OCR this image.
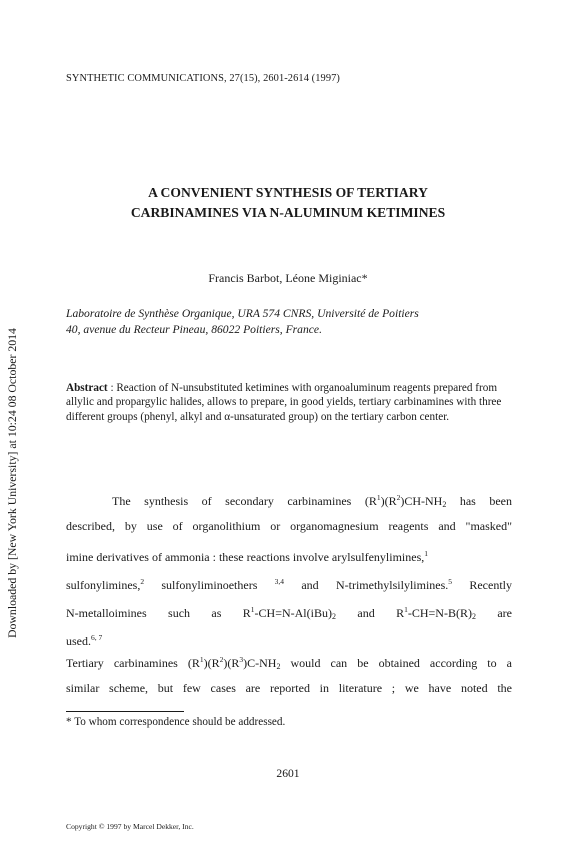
SYNTHETIC COMMUNICATIONS, 27(15), 2601-2614 (1997)
A CONVENIENT SYNTHESIS OF TERTIARY
CARBINAMINES VIA N-ALUMINUM KETIMINES
Francis Barbot, Léone Miginiac*
Laboratoire de Synthèse Organique, URA 574 CNRS, Université de Poitiers
40, avenue du Recteur Pineau, 86022 Poitiers, France.
Abstract : Reaction of N-unsubstituted ketimines with organoaluminum reagents prepared from allylic and propargylic halides, allows to prepare, in good yields, tertiary carbinamines with three different groups (phenyl, alkyl and α-unsaturated group) on the tertiary carbon center.
The synthesis of secondary carbinamines $(R^1)(R^2)CH-NH_2$ has been
described, by use of organolithium or organomagnesium reagents and "masked"
imine derivatives of ammonia : these reactions involve arylsulfenylimines,$^1$
sulfonylimines,$^2$ sulfonyliminoethers $^{3,4}$ and N-trimethylsilylimines.$^5$ Recently
N-metalloimines such as $R^1-CH=N-Al(iBu)_2$ and $R^1-CH=N-B(R)_2$ are
used.$^{6, 7}$
Tertiary carbinamines $(R^1)(R^2)(R^3)C-NH_2$ would can be obtained according to a
similar scheme, but few cases are reported in literature ; we have noted the
* To whom correspondence should be addressed.
2601
Copyright © 1997 by Marcel Dekker, Inc.
Downloaded by [New York University] at 10:24 08 October 2014
